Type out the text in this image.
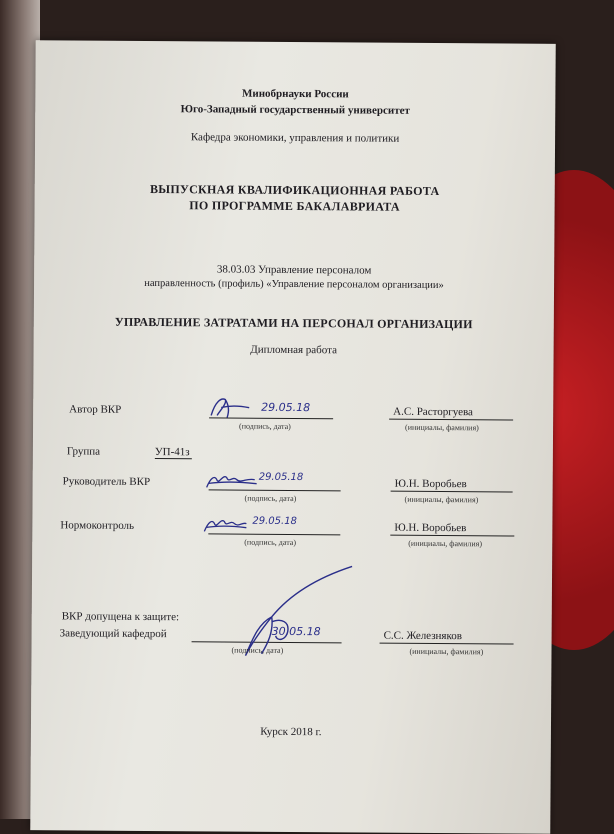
Минобрнауки России
Юго-Западный государственный университет
Кафедра экономики, управления и политики
ВЫПУСКНАЯ КВАЛИФИКАЦИОННАЯ РАБОТА
ПО ПРОГРАММЕ БАКАЛАВРИАТА
38.03.03 Управление персоналом
направленность (профиль) «Управление персоналом организации»
УПРАВЛЕНИЕ ЗАТРАТАМИ НА ПЕРСОНАЛ ОРГАНИЗАЦИИ
Дипломная работа
Автор ВКР	29.05.18
(подпись, дата)
А.С. Расторгуева
(инициалы, фамилия)
Группа	УП-41з
Руководитель ВКР	29.05.18
(подпись, дата)
Ю.Н. Воробьев
(инициалы, фамилия)
Нормоконтроль	29.05.18
(подпись, дата)
Ю.Н. Воробьев
(инициалы, фамилия)
ВКР допущена к защите:
Заведующий кафедрой	30.05.18
(подпись, дата)
С.С. Железняков
(инициалы, фамилия)
Курск 2018 г.
